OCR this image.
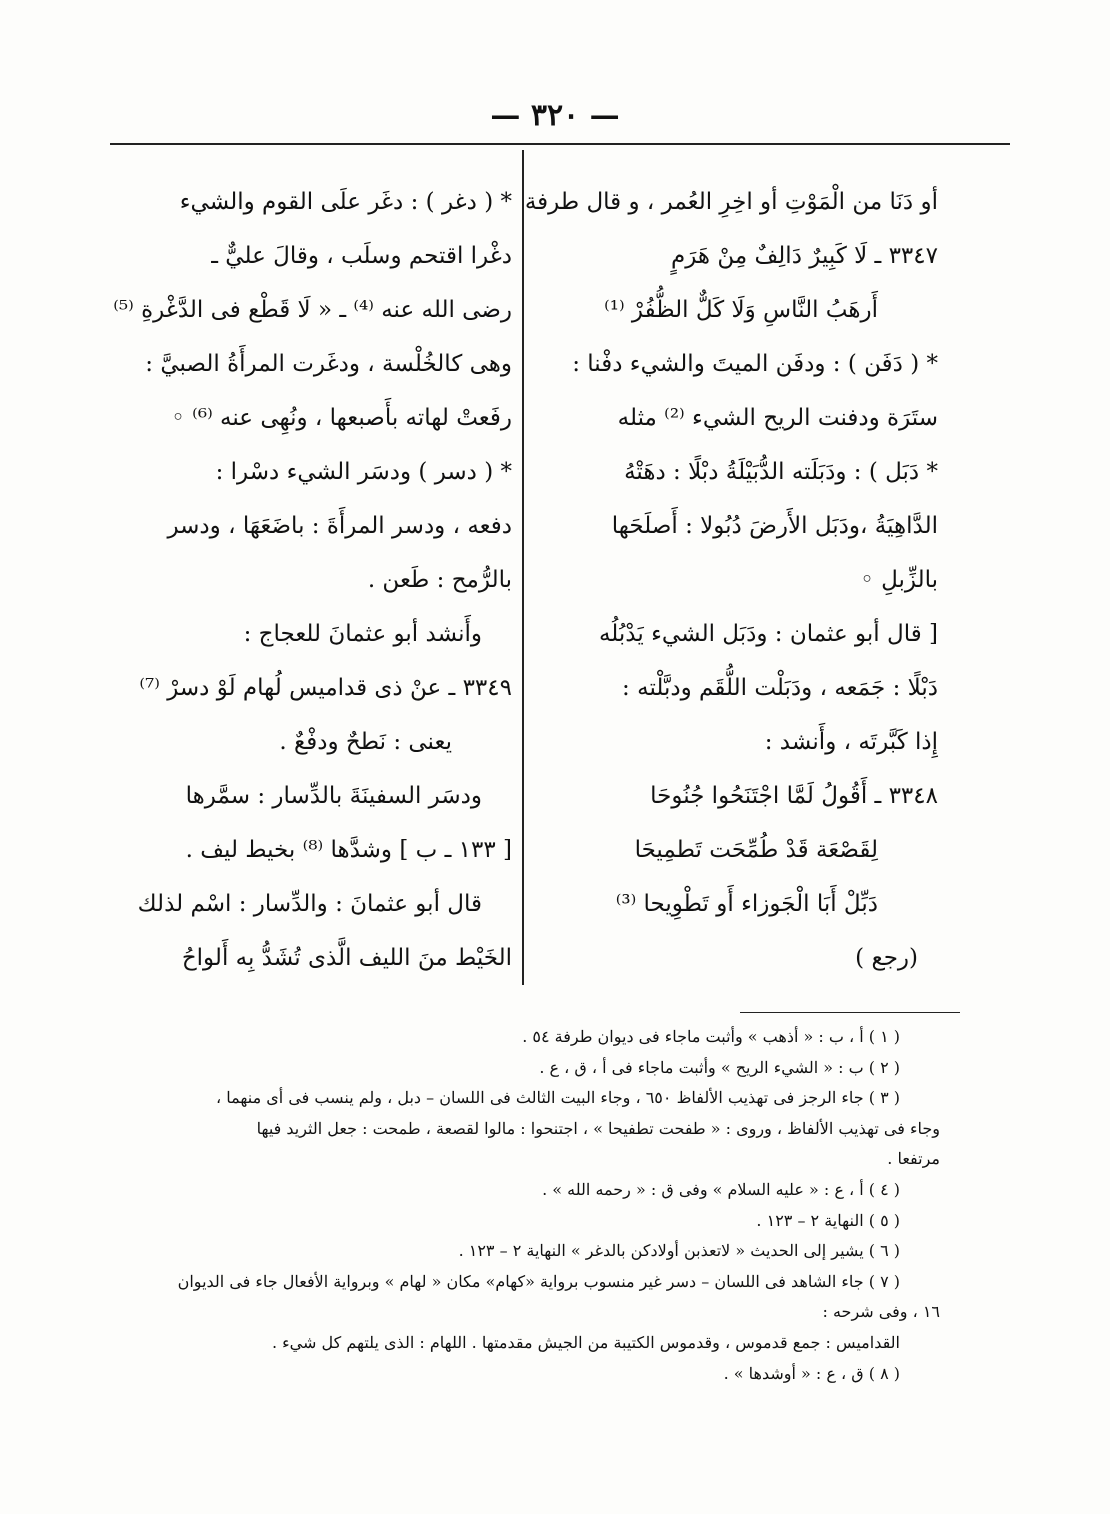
— ٣٢٠ —
أو دَنَا من الْمَوْتِ أو اخِرِ العُمر ، و قال طرفة
٣٣٤٧ ـ لَا كَبِيرٌ دَالِفٌ مِنْ هَرَمٍ
أَرهَبُ النَّاسِ وَلَا كَلٌّ الظُّفُرْ ⁽¹⁾
* ( دَفَن ) : ودفَن الميتَ والشيء دفْنا :
ستَرَة ودفنت الريح الشيء ⁽²⁾ مثله
* دَبَل ) : ودَبَلَته الدُّبَيْلَةُ دبْلًا : دهَتْهُ
الدَّاهِيَةُ ،ودَبَل الأَرضَ دُبُولا : أَصلَحَها
بالزِّبلِ ◦
[ قال أبو عثمان : ودَبَل الشيء يَدْبُلُه
دَبْلًا : جَمَعه ، ودَبَلْت اللُّقَم ودبَّلْته :
إِذا كَبَّرتَه ، وأَنشد :
٣٣٤٨ ـ أَقُولُ لَمَّا اجْتَنَحُوا جُنُوحَا
لِقَصْعَة قَدْ طُمِّحَت تَطمِيحَا
دَبِّلْ أَبَا الْجَوزاء أَو تَطْوِيحا ⁽³⁾
(رجع )
* ( دغر ) : دغَر علَى القوم والشيء
دغْرا اقتحم وسلَب ، وقالَ عليٌّ ـ
رضى الله عنه ⁽⁴⁾ ـ « لَا قَطْع فى الدَّغْرةِ ⁽⁵⁾
وهى كالخُلْسة ، ودغَرت المرأَةُ الصبيَّ :
رفَعتْ لهاته بأَصبعها ، ونُهِى عنه ⁽⁶⁾ ◦
* ( دسر ) ودسَر الشيء دسْرا :
دفعه ، ودسر المرأَةَ : باضَعَهَا ، ودسر
بالرُّمح : طَعن .
وأَنشد أبو عثمانَ للعجاج :
٣٣٤٩ ـ عنْ ذى قداميس لُهام لَوْ دسرْ ⁽⁷⁾
يعنى : نَطحٌ ودفْعٌ .
ودسَر السفينَةَ بالدِّسار : سمَّرها
[ ١٣٣ ـ ب ] وشدَّها ⁽⁸⁾ بخيط ليف .
قال أبو عثمانَ : والدِّسار : اسْم لذلك
الخَيْط منَ الليف الَّذى تُشَدُّ بِه أَلواحُ
( ١ ) أ ، ب : « أذهب » وأثبت ماجاء فى ديوان طرفة ٥٤ .
( ٢ ) ب : « الشيء الريح » وأثبت ماجاء فى أ ، ق ، ع .
( ٣ ) جاء الرجز فى تهذيب الألفاظ ٦٥٠ ، وجاء البيت الثالث فى اللسان – دبل ، ولم ينسب فى أى منهما ،
وجاء فى تهذيب الألفاظ ، وروى : « طفحت تطفيحا » ، اجتنحوا : مالوا لقصعة ، طمحت : جعل الثريد فيها
مرتفعا .
( ٤ ) أ ، ع : « عليه السلام » وفى ق : « رحمه الله » .
( ٥ ) النهاية ٢ – ١٢٣ .
( ٦ ) يشير إلى الحديث « لاتعذبن أولادكن بالدغر » النهاية ٢ – ١٢٣ .
( ٧ ) جاء الشاهد فى اللسان – دسر غير منسوب برواية «كهام» مكان « لهام » وبرواية الأفعال جاء فى الديوان
١٦ ، وفى شرحه :
القداميس : جمع قدموس ، وقدموس الكتيبة من الجيش مقدمتها . اللهام : الذى يلتهم كل شيء .
( ٨ ) ق ، ع : « أوشدها » .
